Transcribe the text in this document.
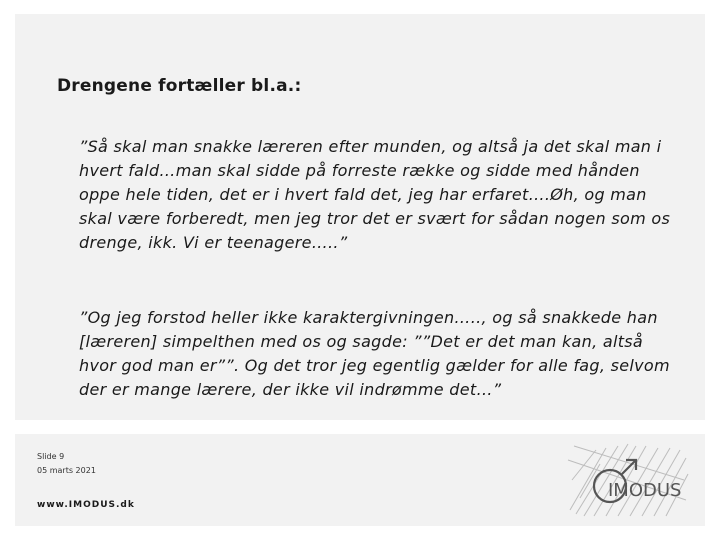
Drengene fortæller bl.a.:

”Så skal man snakke læreren efter munden, og altså ja det skal man i hvert fald…man skal sidde på forreste række og sidde med hånden oppe hele tiden, det er i hvert fald det, jeg har erfaret….Øh, og man skal være forberedt, men jeg tror det er svært for sådan nogen som os drenge, ikk. Vi er teenagere…..”

”Og jeg forstod heller ikke karaktergivningen….., og så snakkede han [læreren] simpelthen med os og sagde: ””Det er det man kan, altså hvor god man er””. Og det tror jeg egentlig gælder for alle fag, selvom der er mange lærere, der ikke vil indrømme det…”

Slide 9
05 marts 2021
www.IMODUS.dk
IMODUS
